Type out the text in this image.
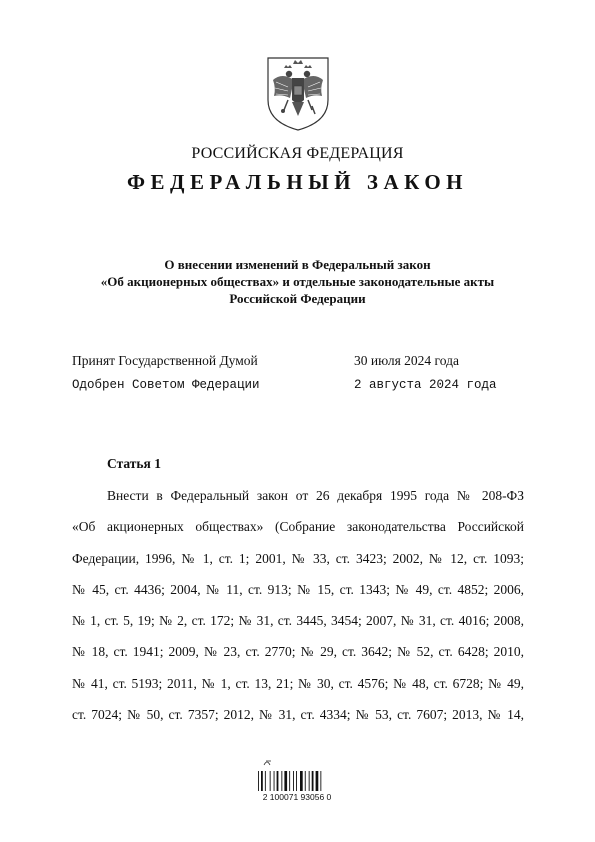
РОССИЙСКАЯ ФЕДЕРАЦИЯ
ФЕДЕРАЛЬНЫЙ ЗАКОН
О внесении изменений в Федеральный закон
«Об акционерных обществах» и отдельные законодательные акты
Российской Федерации
Принят Государственной Думой	30 июля 2024 года
Одобрен Советом Федерации	2 августа 2024 года
Статья 1
Внести в Федеральный закон от 26 декабря 1995 года № 208-ФЗ
«Об акционерных обществах» (Собрание законодательства Российской
Федерации, 1996, № 1, ст. 1; 2001, № 33, ст. 3423; 2002, № 12, ст. 1093;
№ 45, ст. 4436; 2004, № 11, ст. 913; № 15, ст. 1343; № 49, ст. 4852; 2006,
№ 1, ст. 5, 19; № 2, ст. 172; № 31, ст. 3445, 3454; 2007, № 31, ст. 4016; 2008,
№ 18, ст. 1941; 2009, № 23, ст. 2770; № 29, ст. 3642; № 52, ст. 6428; 2010,
№ 41, ст. 5193; 2011, № 1, ст. 13, 21; № 30, ст. 4576; № 48, ст. 6728; № 49,
ст. 7024; № 50, ст. 7357; 2012, № 31, ст. 4334; № 53, ст. 7607; 2013, № 14,
2 100071 93056 0
